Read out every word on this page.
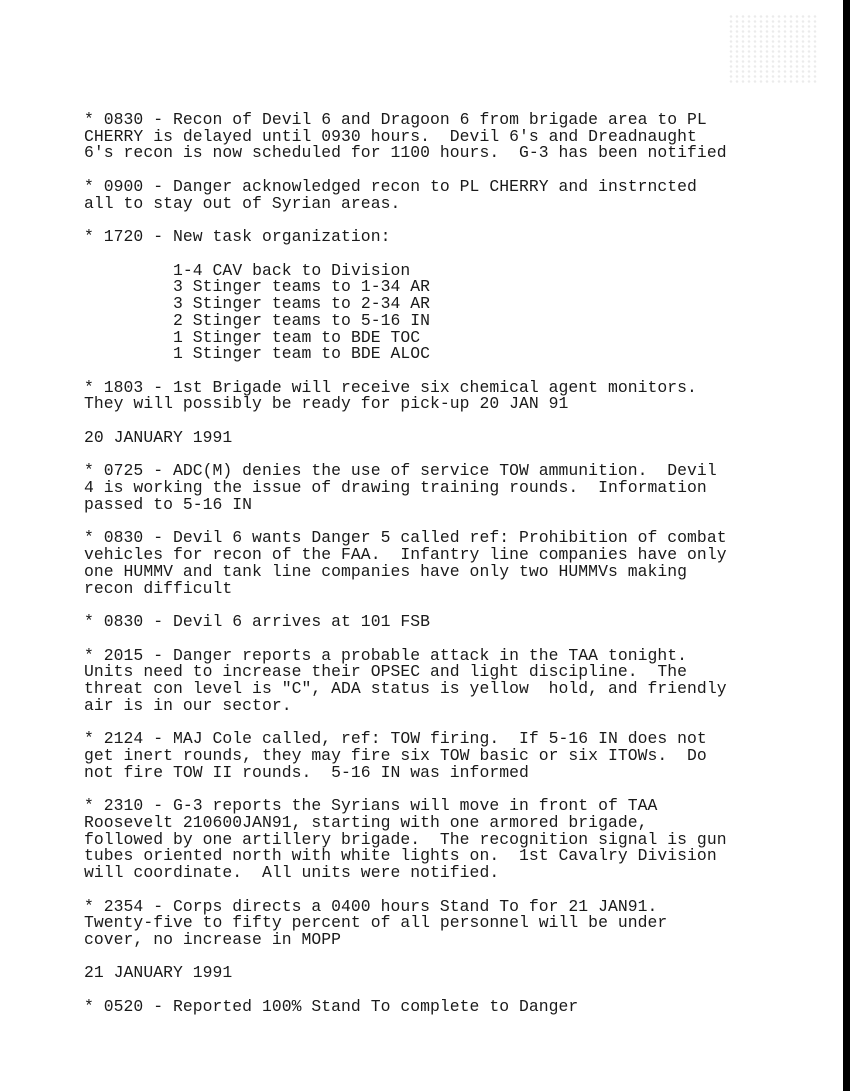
* 0830 - Recon of Devil 6 and Dragoon 6 from brigade area to PL
CHERRY is delayed until 0930 hours.  Devil 6's and Dreadnaught
6's recon is now scheduled for 1100 hours.  G-3 has been notified
* 0900 - Danger acknowledged recon to PL CHERRY and instrncted
all to stay out of Syrian areas.
* 1720 - New task organization:
1-4 CAV back to Division
3 Stinger teams to 1-34 AR
3 Stinger teams to 2-34 AR
2 Stinger teams to 5-16 IN
1 Stinger team to BDE TOC
1 Stinger team to BDE ALOC
* 1803 - 1st Brigade will receive six chemical agent monitors.
They will possibly be ready for pick-up 20 JAN 91
20 JANUARY 1991
* 0725 - ADC(M) denies the use of service TOW ammunition.  Devil
4 is working the issue of drawing training rounds.  Information
passed to 5-16 IN
* 0830 - Devil 6 wants Danger 5 called ref: Prohibition of combat
vehicles for recon of the FAA.  Infantry line companies have only
one HUMMV and tank line companies have only two HUMMVs making
recon difficult
* 0830 - Devil 6 arrives at 101 FSB
* 2015 - Danger reports a probable attack in the TAA tonight.
Units need to increase their OPSEC and light discipline.  The
threat con level is "C", ADA status is yellow  hold, and friendly
air is in our sector.
* 2124 - MAJ Cole called, ref: TOW firing.  If 5-16 IN does not
get inert rounds, they may fire six TOW basic or six ITOWs.  Do
not fire TOW II rounds.  5-16 IN was informed
* 2310 - G-3 reports the Syrians will move in front of TAA
Roosevelt 210600JAN91, starting with one armored brigade,
followed by one artillery brigade.  The recognition signal is gun
tubes oriented north with white lights on.  1st Cavalry Division
will coordinate.  All units were notified.
* 2354 - Corps directs a 0400 hours Stand To for 21 JAN91.
Twenty-five to fifty percent of all personnel will be under
cover, no increase in MOPP
21 JANUARY 1991
* 0520 - Reported 100% Stand To complete to Danger
